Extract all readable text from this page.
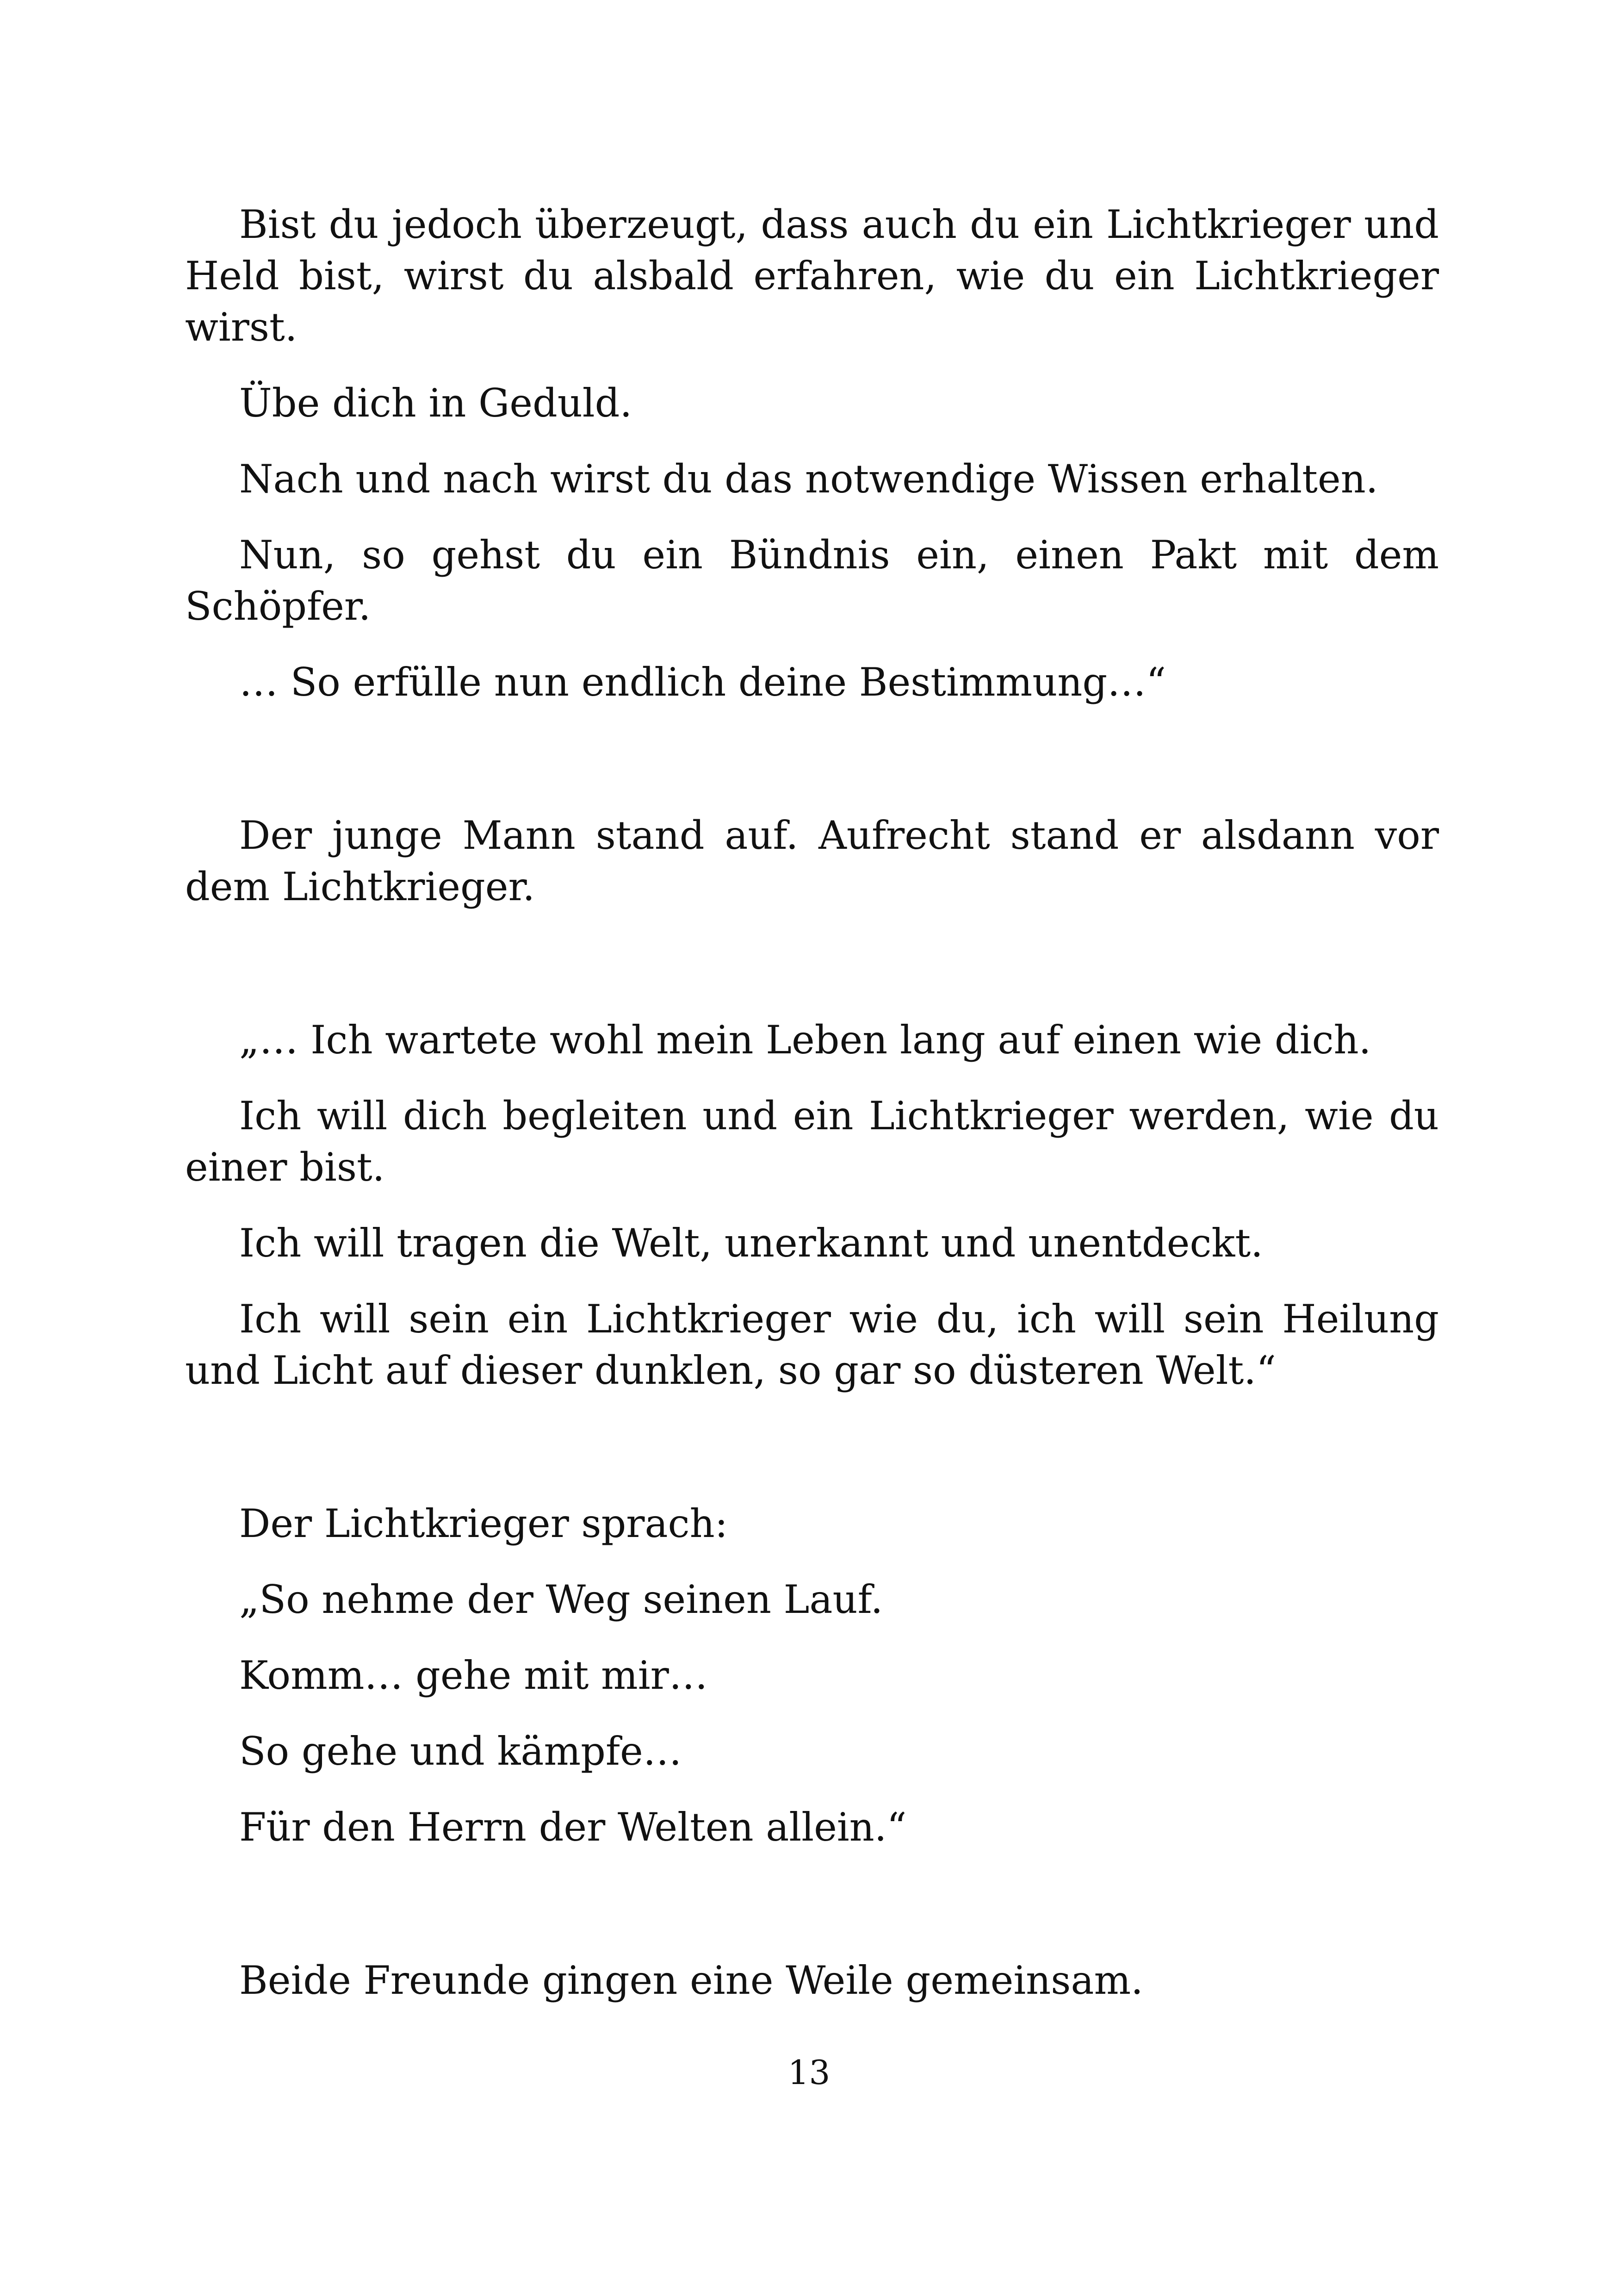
Bist du jedoch überzeugt, dass auch du ein Lichtkrieger und Held bist, wirst du alsbald erfahren, wie du ein Lichtkrieger wirst.

Übe dich in Geduld.

Nach und nach wirst du das notwendige Wissen erhalten.

Nun, so gehst du ein Bündnis ein, einen Pakt mit dem Schöpfer.

… So erfülle nun endlich deine Bestimmung…“

Der junge Mann stand auf. Aufrecht stand er alsdann vor dem Lichtkrieger.

„… Ich wartete wohl mein Leben lang auf einen wie dich.

Ich will dich begleiten und ein Lichtkrieger werden, wie du einer bist.

Ich will tragen die Welt, unerkannt und unentdeckt.

Ich will sein ein Lichtkrieger wie du, ich will sein Heilung und Licht auf dieser dunklen, so gar so düsteren Welt.“

Der Lichtkrieger sprach:

„So nehme der Weg seinen Lauf.

Komm… gehe mit mir…

So gehe und kämpfe…

Für den Herrn der Welten allein.“

Beide Freunde gingen eine Weile gemeinsam.

13
